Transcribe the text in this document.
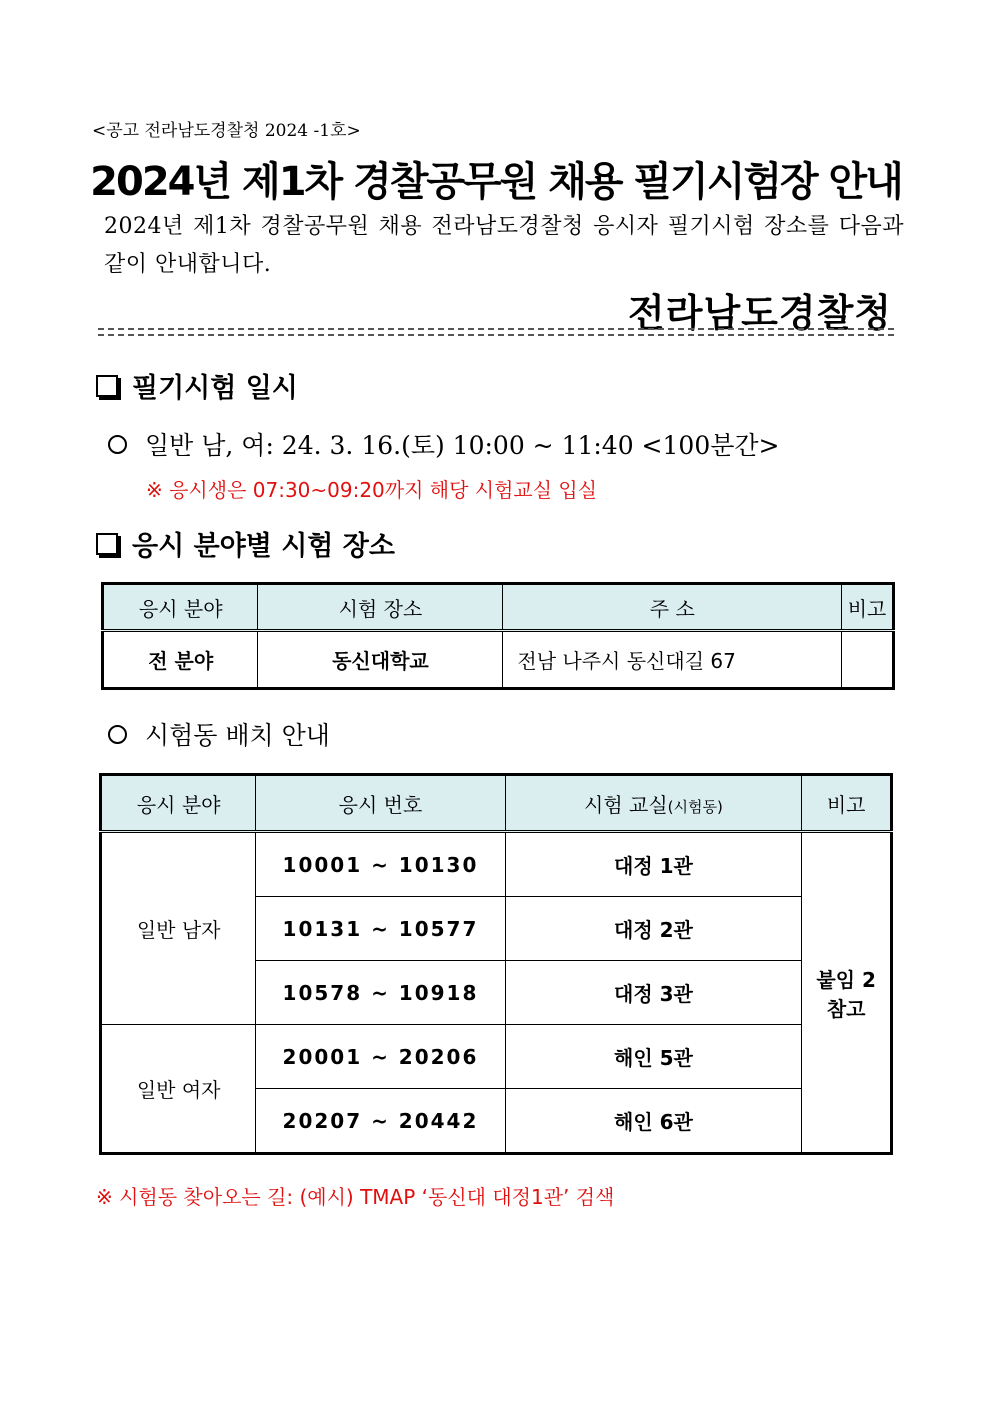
<공고 전라남도경찰청 2024 -1호>
2024년 제1차 경찰공무원 채용 필기시험장 안내
2024년 제1차 경찰공무원 채용 전라남도경찰청 응시자 필기시험 장소를 다음과 같이 안내합니다.
전라남도경찰청
필기시험 일시
일반 남, 여: 24. 3. 16.(토) 10:00 ~ 11:40 <100분간>
※ 응시생은 07:30~09:20까지 해당 시험교실 입실
응시 분야별 시험 장소
응시 분야	시험 장소	주 소	비고
전 분야	동신대학교	전남 나주시 동신대길 67	
시험동 배치 안내
응시 분야	응시 번호	시험 교실(시험동)	비고
일반 남자	10001 ~ 10130	대정 1관	붙임 2
참고

	10131 ~ 10577	대정 2관	
	10578 ~ 10918	대정 3관	
일반 여자	20001 ~ 20206	해인 5관	
	20207 ~ 20442	해인 6관	
※ 시험동 찾아오는 길: (예시) TMAP ‘동신대 대정1관’ 검색
